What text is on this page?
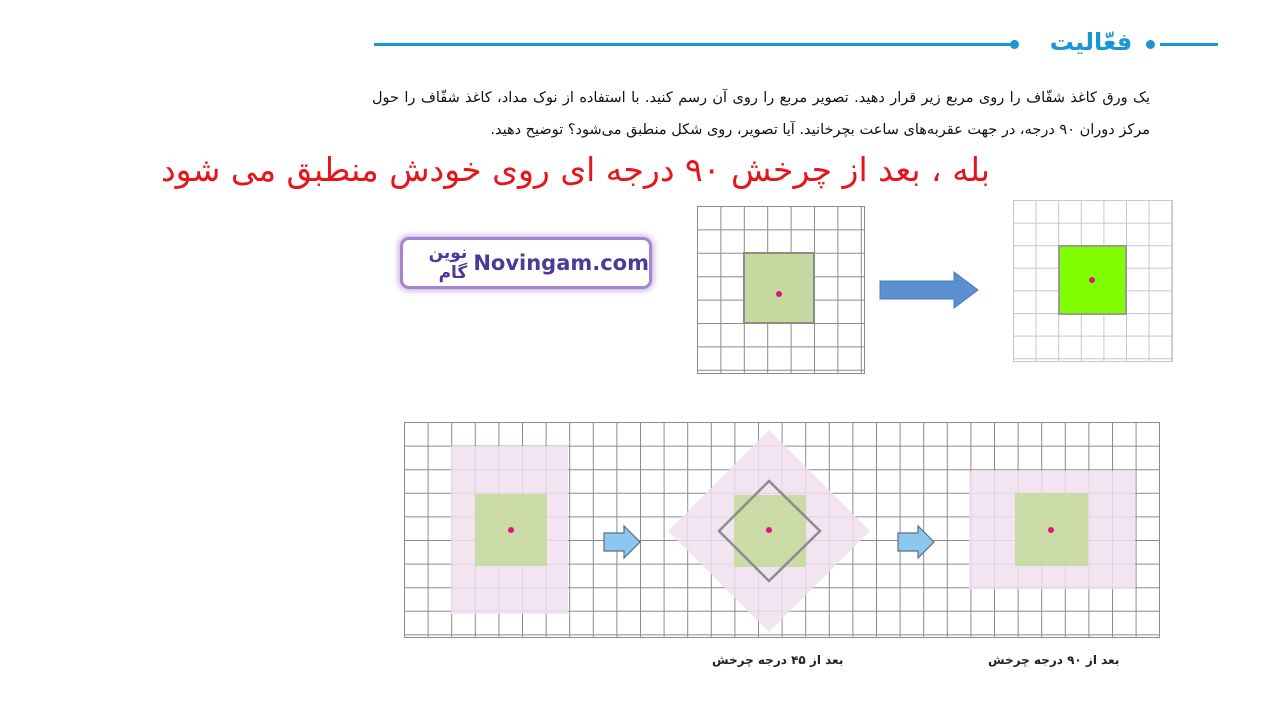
فعّالیت
یک ورق کاغذ شفّاف را روی مربع زیر قرار دهید. تصویر مربع را روی آن رسم کنید. با استفاده از نوک مداد، کاغذ شفّاف را حول مرکز دوران ۹۰ درجه، در جهت عقربه‌های ساعت بچرخانید. آیا تصویر، روی شکل منطبق می‌شود؟ توضیح دهید.
بله ، بعد از چرخش ۹۰ درجه ای روی خودش منطبق می شود
نوین گام Novingam.com
بعد از ۴۵ درجه چرخش	بعد از ۹۰ درجه چرخش
